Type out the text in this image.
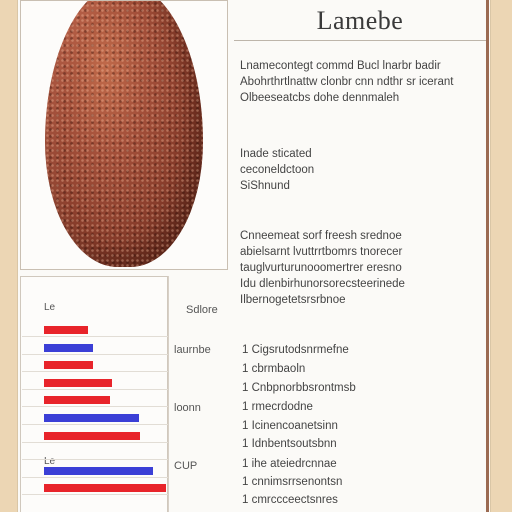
Lamebe
Lnamecontegt commd Bucl lnarbr badir
Abohrthrtlnattw clonbr cnn ndthr sr icerant
Olbeeseatcbs dohe dennmaleh
Inade sticated
ceconeldctoon
SiShnund
Cnneemeat sorf freesh srednoe
abielsarnt lvuttrrtbomrs tnorecer
tauglvurturunooomertrer eresno
Idu dlenbirhunorsorecsteerinede
Ilbernogetetsrsrbnoe
Le
Le
Sdlore
laurnbe
loonn
CUP
1 Cigsrutodsnrmefne
1 cbrmbaoln
1 Cnbpnorbbsrontmsb
1 rmecrdodne
1 Icinencoanetsinn
1 Idnbentsoutsbnn
1 ihe ateiedrcnnae
1 cnnimsrrsenontsn
1 cmrccceectsnres
